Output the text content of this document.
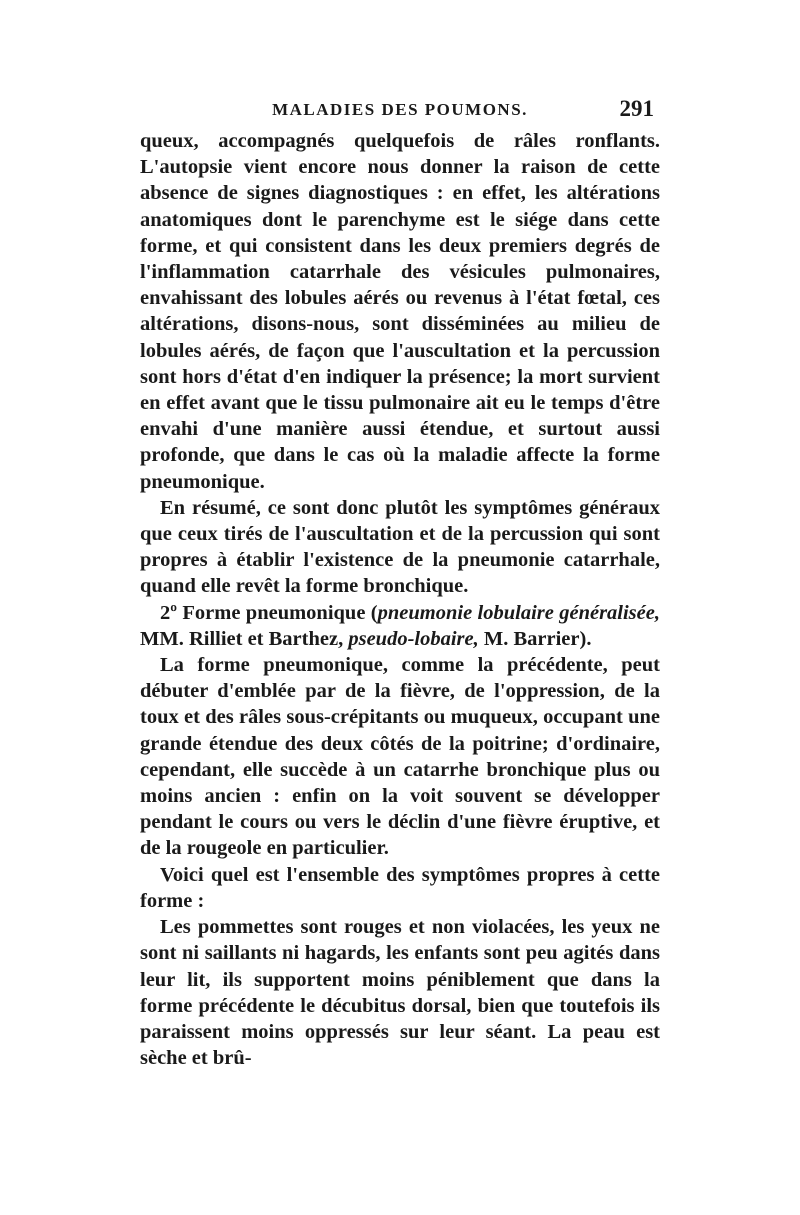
MALADIES DES POUMONS.	291

queux, accompagnés quelquefois de râles ronflants. L'autopsie vient encore nous donner la raison de cette absence de signes diagnostiques : en effet, les altérations anatomiques dont le parenchyme est le siége dans cette forme, et qui consistent dans les deux premiers degrés de l'inflammation catarrhale des vésicules pulmonaires, envahissant des lobules aérés ou revenus à l'état fœtal, ces altérations, disons-nous, sont disséminées au milieu de lobules aérés, de façon que l'auscultation et la percussion sont hors d'état d'en indiquer la présence; la mort survient en effet avant que le tissu pulmonaire ait eu le temps d'être envahi d'une manière aussi étendue, et surtout aussi profonde, que dans le cas où la maladie affecte la forme pneumonique.

En résumé, ce sont donc plutôt les symptômes généraux que ceux tirés de l'auscultation et de la percussion qui sont propres à établir l'existence de la pneumonie catarrhale, quand elle revêt la forme bronchique.

2º Forme pneumonique (pneumonie lobulaire généralisée, MM. Rilliet et Barthez, pseudo-lobaire, M. Barrier).

La forme pneumonique, comme la précédente, peut débuter d'emblée par de la fièvre, de l'oppression, de la toux et des râles sous-crépitants ou muqueux, occupant une grande étendue des deux côtés de la poitrine; d'ordinaire, cependant, elle succède à un catarrhe bronchique plus ou moins ancien : enfin on la voit souvent se développer pendant le cours ou vers le déclin d'une fièvre éruptive, et de la rougeole en particulier.

Voici quel est l'ensemble des symptômes propres à cette forme :

Les pommettes sont rouges et non violacées, les yeux ne sont ni saillants ni hagards, les enfants sont peu agités dans leur lit, ils supportent moins péniblement que dans la forme précédente le décubitus dorsal, bien que toutefois ils paraissent moins oppressés sur leur séant. La peau est sèche et brû-
